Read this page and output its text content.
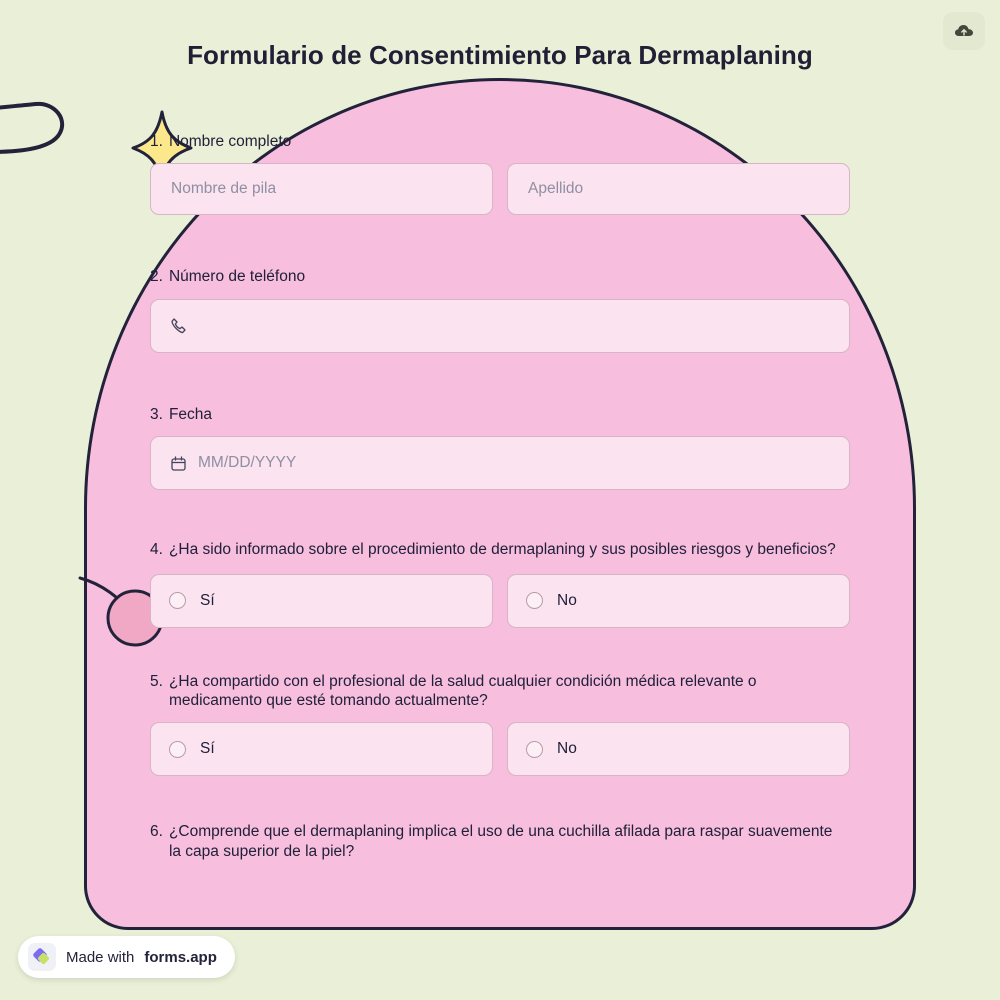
Formulario de Consentimiento Para Dermaplaning
1. Nombre completo
Nombre de pila	Apellido
2. Número de teléfono
3. Fecha
MM/DD/YYYY
4. ¿Ha sido informado sobre el procedimiento de dermaplaning y sus posibles riesgos y beneficios?
Sí	No
5. ¿Ha compartido con el profesional de la salud cualquier condición médica relevante o medicamento que esté tomando actualmente?
Sí	No
6. ¿Comprende que el dermaplaning implica el uso de una cuchilla afilada para raspar suavemente la capa superior de la piel?
Made with forms.app
